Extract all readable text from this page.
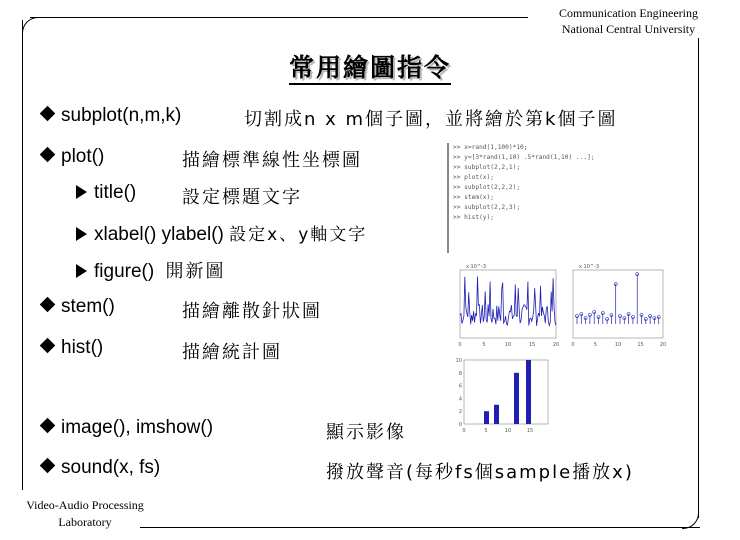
Communication Engineering
National Central University
常用繪圖指令
subplot(n,m,k)	切割成n x m個子圖，並將繪於第k個子圖
plot()	描繪標準線性坐標圖
title()	設定標題文字
xlabel() ylabel() 設定x、y軸文字
figure() 開新圖
stem()	描繪離散針狀圖
hist()	描繪統計圖
image(), imshow()	顯示影像
sound(x, fs)	撥放聲音(每秒fs個sample播放x)
>> x=rand(1,100)*10;
>> y=[3*rand(1,10) .5*rand(1,10) ...];
>> subplot(2,2,1);
>> plot(x);
>> subplot(2,2,2);
>> stem(x);
>> subplot(2,2,3);
>> hist(y);
x 10^-3
0	5	10	15	20
x 10^-3
0	5	10	15	20
0
2
4
6
8
10
0	5	10	15
Video-Audio Processing
Laboratory
